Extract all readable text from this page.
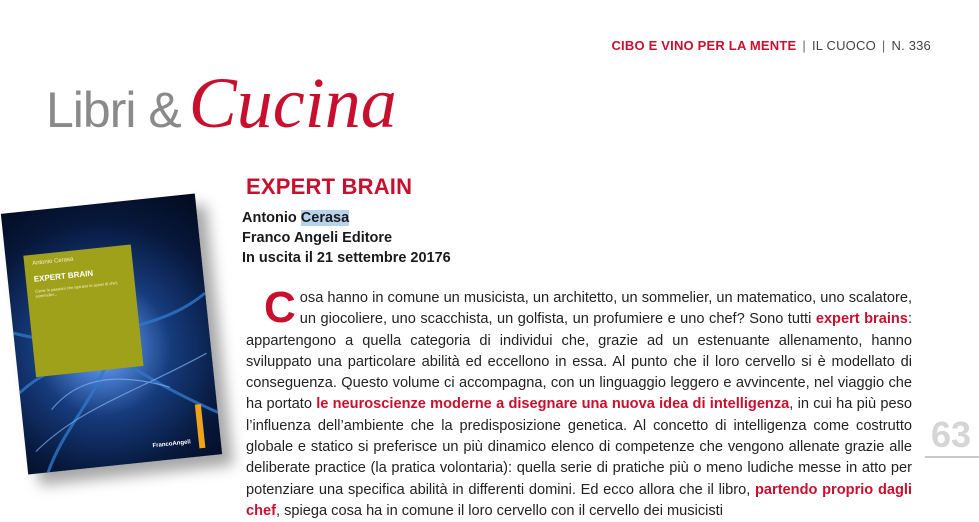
CIBO E VINO PER LA MENTE | IL CUOCO | N. 336
Libri & Cucina
Antonio Cerasa
EXPERT BRAIN
Come le passioni che ispirano le azioni di chef, sommelier...
FrancoAngeli
EXPERT BRAIN
Antonio Cerasa
Franco Angeli Editore
In uscita il 21 settembre 20176
Cosa hanno in comune un musicista, un architetto, un sommelier, un matematico, uno scalatore, un giocoliere, uno scacchista, un golfista, un profumiere e uno chef? Sono tutti expert brains: appartengono a quella categoria di individui che, grazie ad un estenuante allenamento, hanno sviluppato una particolare abilità ed eccellono in essa. Al punto che il loro cervello si è modellato di conseguenza. Questo volume ci accompagna, con un linguaggio leggero e avvincente, nel viaggio che ha portato le neuroscienze moderne a disegnare una nuova idea di intelligenza, in cui ha più peso l’influenza dell’ambiente che la predisposizione genetica. Al concetto di intelligenza come costrutto globale e statico si preferisce un più dinamico elenco di competenze che vengono allenate grazie alle deliberate practice (la pratica volontaria): quella serie di pratiche più o meno ludiche messe in atto per potenziare una specifica abilità in differenti domini. Ed ecco allora che il libro, partendo proprio dagli chef, spiega cosa ha in comune il loro cervello con il cervello dei musicisti
63
